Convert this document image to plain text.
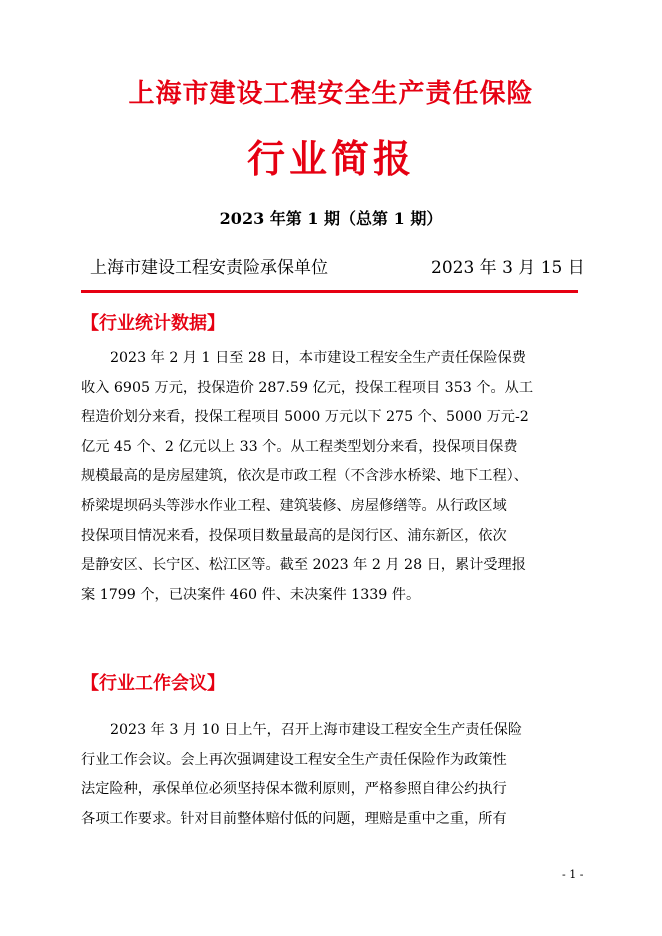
上海市建设工程安全生产责任保险
行业简报
2023 年第 1 期（总第 1 期）
上海市建设工程安责险承保单位	2023 年 3 月 15 日
【行业统计数据】
2023 年 2 月 1 日至 28 日，本市建设工程安全生产责任保险保费
收入 6905 万元，投保造价 287.59 亿元，投保工程项目 353 个。从工
程造价划分来看，投保工程项目 5000 万元以下 275 个、5000 万元-2
亿元 45 个、2 亿元以上 33 个。从工程类型划分来看，投保项目保费
规模最高的是房屋建筑，依次是市政工程（不含涉水桥梁、地下工程）、
桥梁堤坝码头等涉水作业工程、建筑装修、房屋修缮等。从行政区域
投保项目情况来看，投保项目数量最高的是闵行区、浦东新区，依次
是静安区、长宁区、松江区等。截至 2023 年 2 月 28 日，累计受理报
案 1799 个，已决案件 460 件、未决案件 1339 件。
【行业工作会议】
2023 年 3 月 10 日上午，召开上海市建设工程安全生产责任保险
行业工作会议。会上再次强调建设工程安全生产责任保险作为政策性
法定险种，承保单位必须坚持保本微利原则，严格参照自律公约执行
各项工作要求。针对目前整体赔付低的问题，理赔是重中之重，所有
- 1 -
